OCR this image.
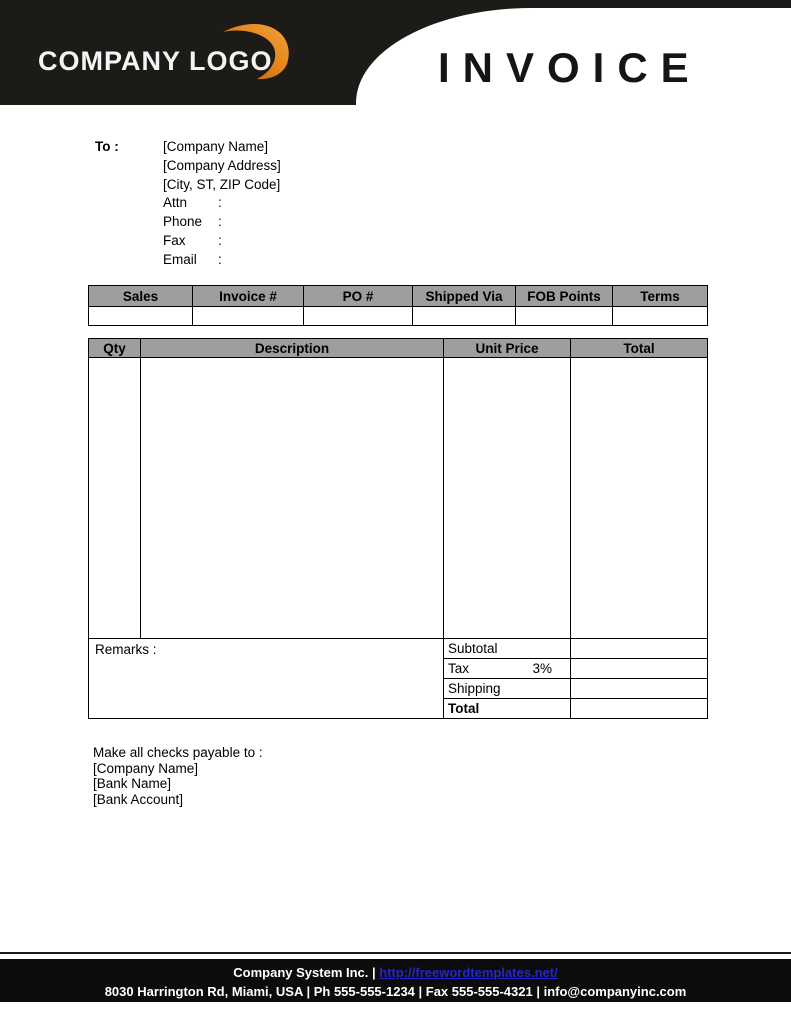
COMPANY LOGO	INVOICE
To :	[Company Name]
[Company Address]
[City, ST, ZIP Code]
Attn	:
Phone	:
Fax	:
Email	:
Sales	Invoice #	PO #	Shipped Via	FOB Points	Terms

Qty	Description	Unit Price	Total

Remarks :		Subtotal	

		Tax 3%	

		Shipping	

		Total	

Make all checks payable to :
[Company Name]
[Bank Name]
[Bank Account]
Company System Inc. | http://freewordtemplates.net/
8030 Harrington Rd, Miami, USA | Ph 555-555-1234 | Fax 555-555-4321 | info@companyinc.com
